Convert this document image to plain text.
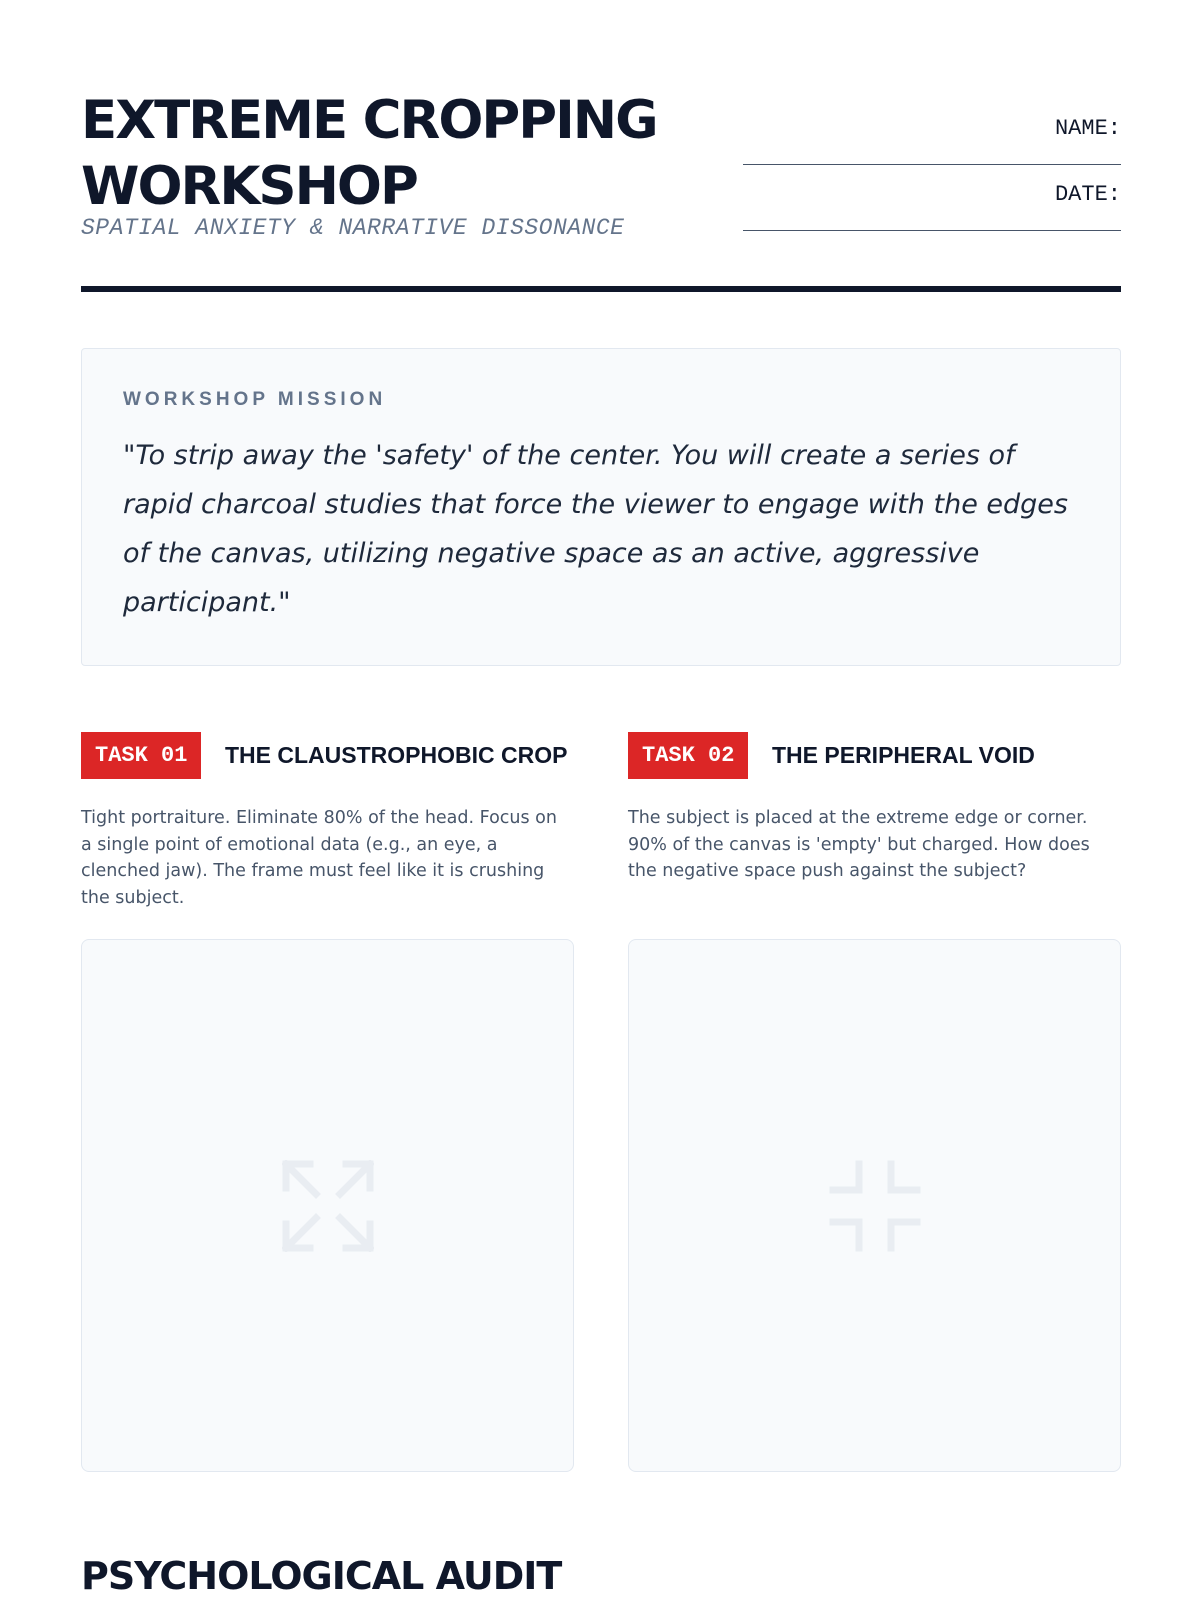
EXTREME CROPPING
WORKSHOP
SPATIAL ANXIETY & NARRATIVE DISSONANCE
NAME:
DATE:
WORKSHOP MISSION
"To strip away the 'safety' of the center. You will create a series of rapid charcoal studies that force the viewer to engage with the edges of the canvas, utilizing negative space as an active, aggressive participant."
TASK 01	THE CLAUSTROPHOBIC CROP
Tight portraiture. Eliminate 80% of the head. Focus on a single point of emotional data (e.g., an eye, a clenched jaw). The frame must feel like it is crushing the subject.
TASK 02	THE PERIPHERAL VOID
The subject is placed at the extreme edge or corner. 90% of the canvas is 'empty' but charged. How does the negative space push against the subject?
PSYCHOLOGICAL AUDIT
